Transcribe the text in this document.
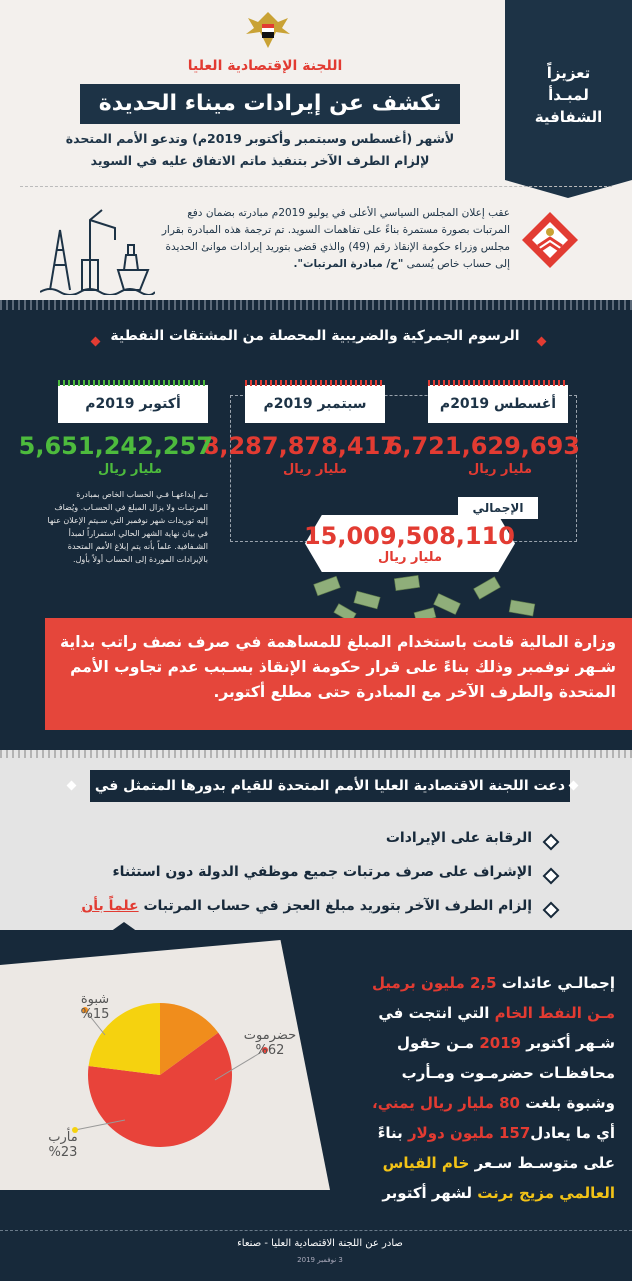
تعزيزاً
لمبـدأ
الشفافية
اللجنة الإقتصادية العليا
تكشف عن إيرادات ميناء الحديدة
لأشهر (أغسطس وسبتمبر وأكتوبر 2019م) وتدعو الأمم المتحدة
لإلزام الطرف الآخر بتنفيذ ماتم الاتفاق عليه في السويد
عقب إعلان المجلس السياسي الأعلى في يوليو 2019م مبادرته بضمان دفع المرتبات بصورة مستمرة بناءً على تفاهمات السويد. تم ترجمة هذه المبادرة بقرار مجلس وزراء حكومة الإنقاذ رقم (49) والذي قضى بتوريد إيرادات موانئ الحديدة إلى حساب خاص يُسمى "ح/ مبادرة المرتبات".
الرسوم الجمركية والضريبية المحصلة من المشتقات النفطية
أغسطس 2019م
6,721,629,693
مليار ريال
سبتمبر 2019م
8,287,878,417
مليار ريال
أكتوبر 2019م
5,651,242,257
مليار ريال
تـم إيداعهـا فـي الحساب الخاص بمبادرة المرتبـات ولا يزال المبلغ في الحسـاب. ويُضاف إليه توريدات شهر نوفمبر التي سـيتم الإعلان عنها في بيان نهاية الشهر الحالي استمراراً لمبدأ الشـفافية. علماً بأنه يتم إبلاغ الأمم المتحدة بالإيرادات الموردة إلى الحساب أولاً بأول.
الإجمالي
15,009,508,110
مليار ريال
وزارة المالية قامت باستخدام المبلغ للمساهمة في صرف نصف راتب بداية شـهر نوفمبر وذلك بناءً على قرار حكومة الإنقاذ بسـبب عدم تجاوب الأمم المتحدة والطرف الآخر مع المبادرة حتى مطلع أكتوبر.
دعت اللجنة الاقتصادية العليا الأمم المتحدة للقيام بدورها المتمثل في
الرقابة على الإيرادات
الإشراف على صرف مرتبات جميع موظفي الدولة دون استثناء
إلزام الطرف الآخر بتوريد مبلغ العجز في حساب المرتبات علماً بأن
شبوة
%15
حضرموت
%62
مأرب
%23
إجمالـي عائدات 2,5 مليون برميل
مـن النفط الخام التي انتجت في
شـهر أكتوبر 2019 مـن حقول
محافظـات حضرمـوت ومـأرب
وشبوة بلغت 80 مليار ريال يمني،
أي ما يعادل157 مليون دولار بناءً
على متوسـط سـعر خام القياس
العالمي مزيج برنت لشهر أكتوبر
صادر عن اللجنة الاقتصادية العليا - صنعاء
3 نوفمبر 2019
